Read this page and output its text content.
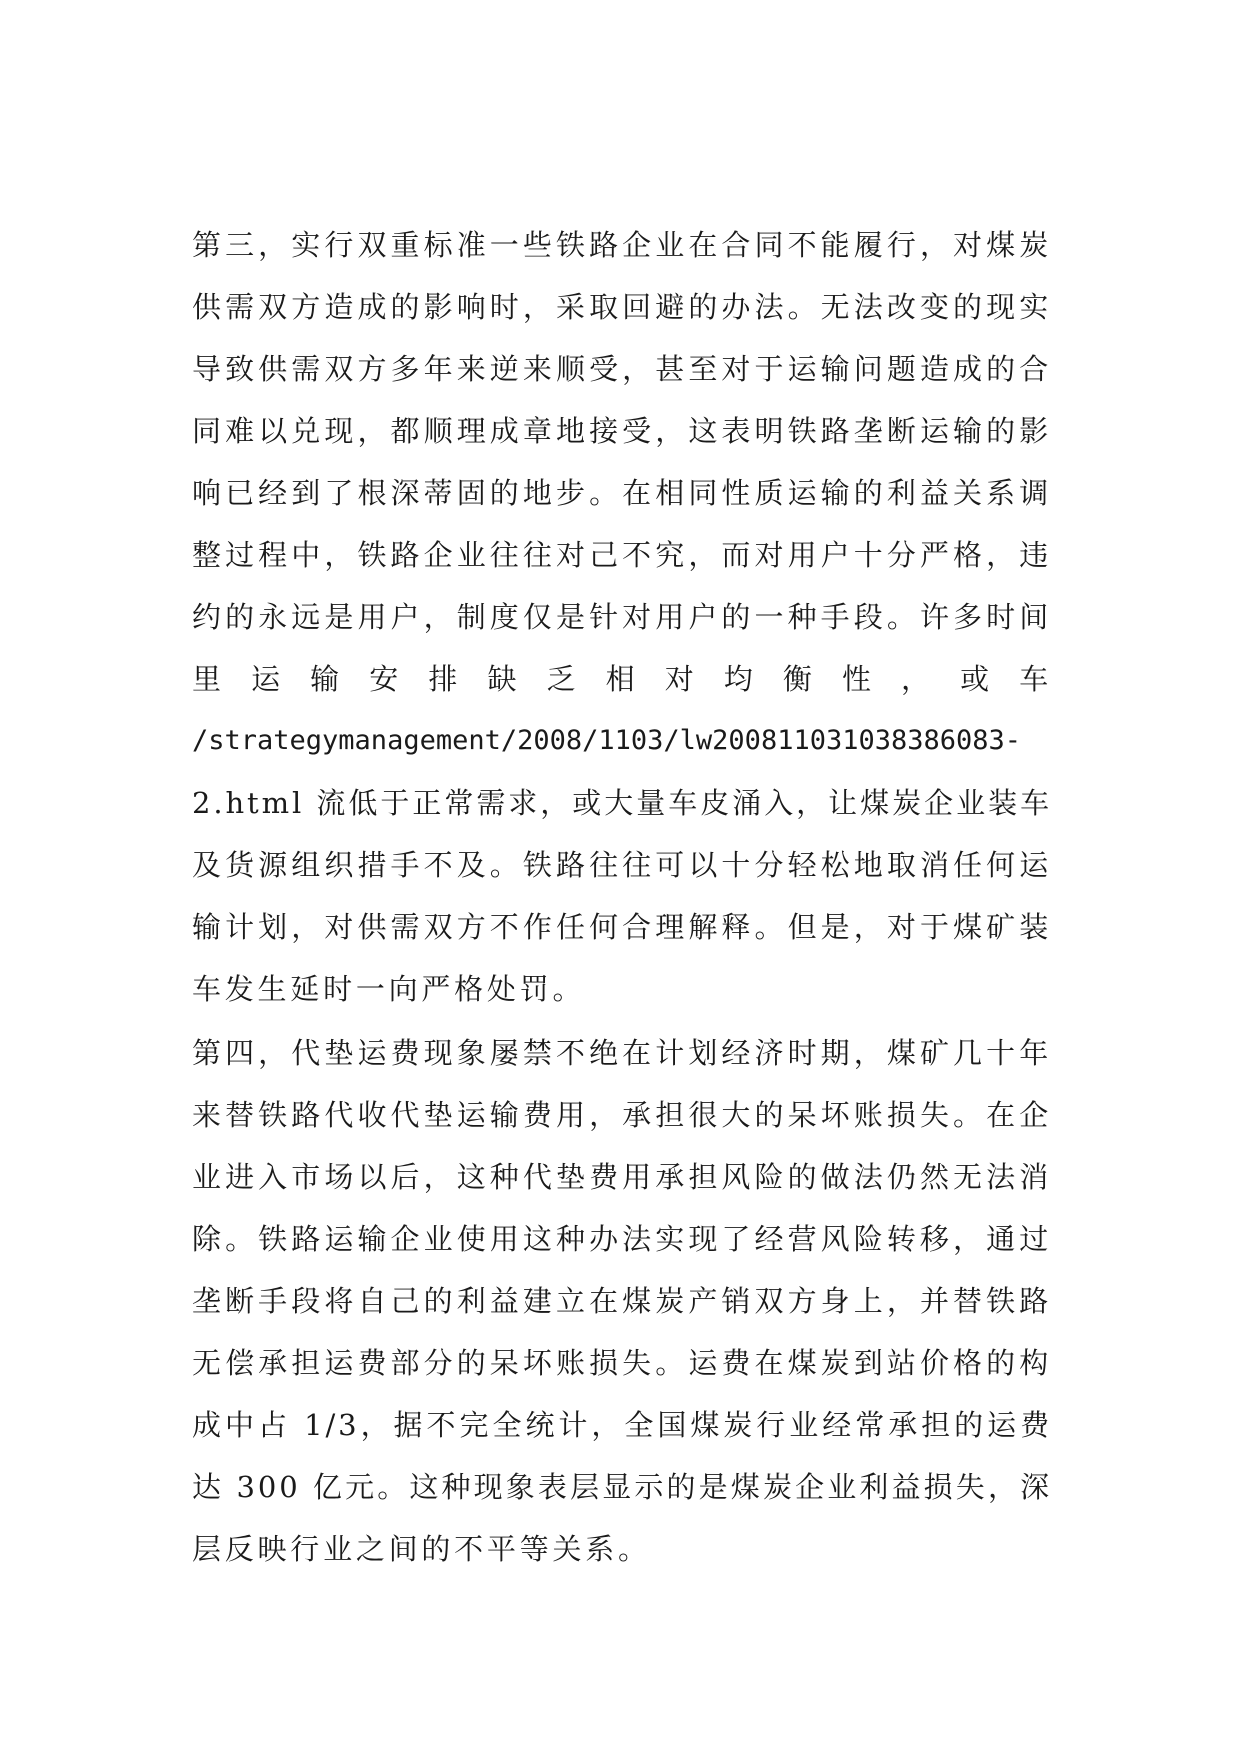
第三，实行双重标准一些铁路企业在合同不能履行，对煤炭
供需双方造成的影响时，采取回避的办法。无法改变的现实
导致供需双方多年来逆来顺受，甚至对于运输问题造成的合
同难以兑现，都顺理成章地接受，这表明铁路垄断运输的影
响已经到了根深蒂固的地步。在相同性质运输的利益关系调
整过程中，铁路企业往往对己不究，而对用户十分严格，违
约的永远是用户，制度仅是针对用户的一种手段。许多时间
里 运 输 安 排 缺 乏 相 对 均 衡 性 ， 或 车
/strategymanagement/2008/1103/lw20081103103838608​3-
2.html 流低于正常需求，或大量车皮涌入，让煤炭企业装车
及货源组织措手不及。铁路往往可以十分轻松地取消任何运
输计划，对供需双方不作任何合理解释。但是，对于煤矿装
车发生延时一向严格处罚。
第四，代垫运费现象屡禁不绝在计划经济时期，煤矿几十年
来替铁路代收代垫运输费用，承担很大的呆坏账损失。在企
业进入市场以后，这种代垫费用承担风险的做法仍然无法消
除。铁路运输企业使用这种办法实现了经营风险转移，通过
垄断手段将自己的利益建立在煤炭产销双方身上，并替铁路
无偿承担运费部分的呆坏账损失。运费在煤炭到站价格的构
成中占 1/3，据不完全统计，全国煤炭行业经常承担的运费
达 300 亿元。这种现象表层显示的是煤炭企业利益损失，深
层反映行业之间的不平等关系。
